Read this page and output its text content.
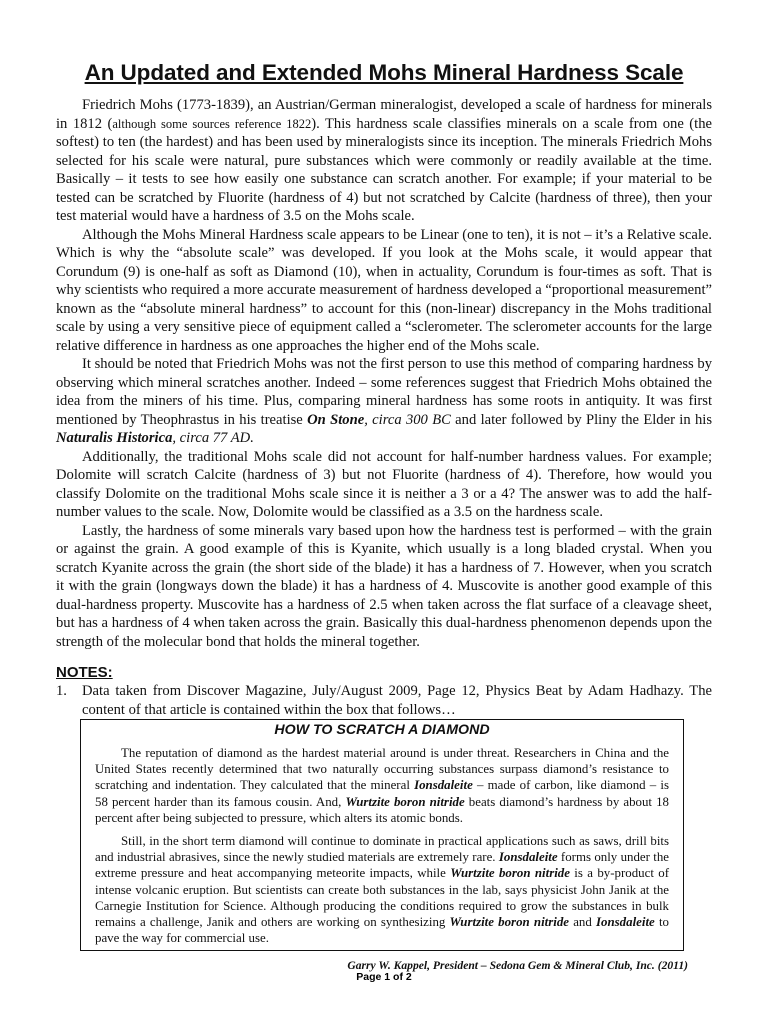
An Updated and Extended Mohs Mineral Hardness Scale

Friedrich Mohs (1773-1839), an Austrian/German mineralogist, developed a scale of hardness for minerals in 1812 (although some sources reference 1822). This hardness scale classifies minerals on a scale from one (the softest) to ten (the hardest) and has been used by mineralogists since its inception. The minerals Friedrich Mohs selected for his scale were natural, pure substances which were commonly or readily available at the time. Basically – it tests to see how easily one substance can scratch another. For example; if your material to be tested can be scratched by Fluorite (hardness of 4) but not scratched by Calcite (hardness of three), then your test material would have a hardness of 3.5 on the Mohs scale.

Although the Mohs Mineral Hardness scale appears to be Linear (one to ten), it is not – it’s a Relative scale. Which is why the “absolute scale” was developed. If you look at the Mohs scale, it would appear that Corundum (9) is one-half as soft as Diamond (10), when in actuality, Corundum is four-times as soft. That is why scientists who required a more accurate measurement of hardness developed a “proportional measurement” known as the “absolute mineral hardness” to account for this (non-linear) discrepancy in the Mohs traditional scale by using a very sensitive piece of equipment called a “sclerometer. The sclerometer accounts for the large relative difference in hardness as one approaches the higher end of the Mohs scale.

It should be noted that Friedrich Mohs was not the first person to use this method of comparing hardness by observing which mineral scratches another. Indeed – some references suggest that Friedrich Mohs obtained the idea from the miners of his time. Plus, comparing mineral hardness has some roots in antiquity. It was first mentioned by Theophrastus in his treatise On Stone, circa 300 BC and later followed by Pliny the Elder in his Naturalis Historica, circa 77 AD.

Additionally, the traditional Mohs scale did not account for half-number hardness values. For example; Dolomite will scratch Calcite (hardness of 3) but not Fluorite (hardness of 4). Therefore, how would you classify Dolomite on the traditional Mohs scale since it is neither a 3 or a 4? The answer was to add the half-number values to the scale. Now, Dolomite would be classified as a 3.5 on the hardness scale.

Lastly, the hardness of some minerals vary based upon how the hardness test is performed – with the grain or against the grain. A good example of this is Kyanite, which usually is a long bladed crystal. When you scratch Kyanite across the grain (the short side of the blade) it has a hardness of 7. However, when you scratch it with the grain (longways down the blade) it has a hardness of 4. Muscovite is another good example of this dual-hardness property. Muscovite has a hardness of 2.5 when taken across the flat surface of a cleavage sheet, but has a hardness of 4 when taken across the grain. Basically this dual-hardness phenomenon depends upon the strength of the molecular bond that holds the mineral together.

NOTES:
1. Data taken from Discover Magazine, July/August 2009, Page 12, Physics Beat by Adam Hadhazy. The content of that article is contained within the box that follows…
HOW TO SCRATCH A DIAMOND

The reputation of diamond as the hardest material around is under threat. Researchers in China and the United States recently determined that two naturally occurring substances surpass diamond’s resistance to scratching and indentation. They calculated that the mineral Ionsdaleite – made of carbon, like diamond – is 58 percent harder than its famous cousin. And, Wurtzite boron nitride beats diamond’s hardness by about 18 percent after being subjected to pressure, which alters its atomic bonds.

Still, in the short term diamond will continue to dominate in practical applications such as saws, drill bits and industrial abrasives, since the newly studied materials are extremely rare. Ionsdaleite forms only under the extreme pressure and heat accompanying meteorite impacts, while Wurtzite boron nitride is a by-product of intense volcanic eruption. But scientists can create both substances in the lab, says physicist John Janik at the Carnegie Institution for Science. Although producing the conditions required to grow the substances in bulk remains a challenge, Janik and others are working on synthesizing Wurtzite boron nitride and Ionsdaleite to pave the way for commercial use.

Garry W. Kappel, President – Sedona Gem & Mineral Club, Inc. (2011)
Page 1 of 2
